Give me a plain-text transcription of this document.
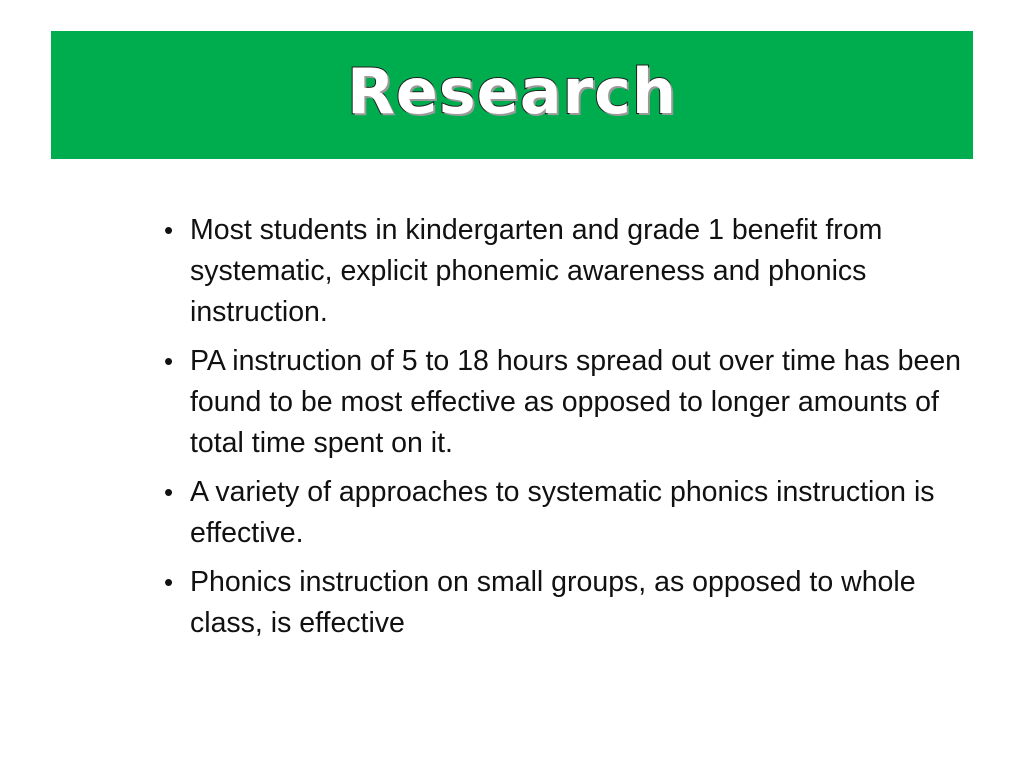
Research
• Most students in kindergarten and grade 1 benefit from systematic, explicit phonemic awareness and phonics instruction.
• PA instruction of 5 to 18 hours spread out over time has been found to be most effective as opposed to longer amounts of total time spent on it.
• A variety of approaches to systematic phonics instruction is effective.
• Phonics instruction on small groups, as opposed to whole class, is effective
